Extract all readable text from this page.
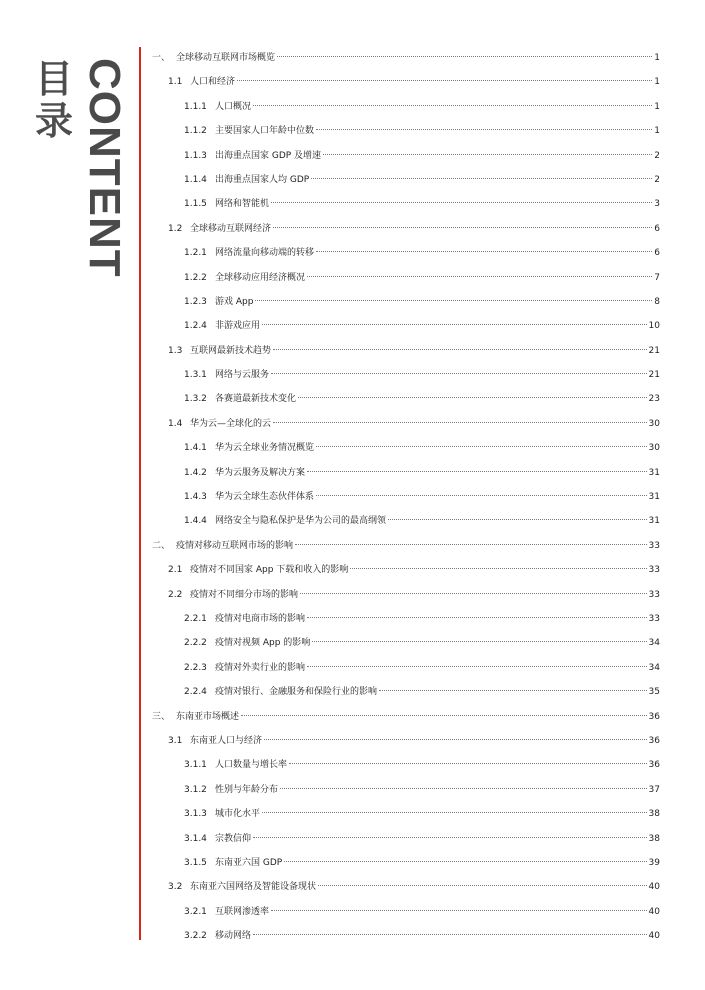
目
录 CONTENT	一、 全球移动互联网市场概览	1
1.1 人口和经济	1
1.1.1 人口概况	1
1.1.2 主要国家人口年龄中位数	1
1.1.3 出海重点国家 GDP 及增速	2
1.1.4 出海重点国家人均 GDP	2
1.1.5 网络和智能机	3
1.2 全球移动互联网经济	6
1.2.1 网络流量向移动端的转移	6
1.2.2 全球移动应用经济概况	7
1.2.3 游戏 App	8
1.2.4 非游戏应用	10
1.3 互联网最新技术趋势	21
1.3.1 网络与云服务	21
1.3.2 各赛道最新技术变化	23
1.4 华为云—全球化的云	30
1.4.1 华为云全球业务情况概览	30
1.4.2 华为云服务及解决方案	31
1.4.3 华为云全球生态伙伴体系	31
1.4.4 网络安全与隐私保护是华为公司的最高纲领	31
二、 疫情对移动互联网市场的影响	33
2.1 疫情对不同国家 App 下载和收入的影响	33
2.2 疫情对不同细分市场的影响	33
2.2.1 疫情对电商市场的影响	33
2.2.2 疫情对视频 App 的影响	34
2.2.3 疫情对外卖行业的影响	34
2.2.4 疫情对银行、金融服务和保险行业的影响	35
三、 东南亚市场概述	36
3.1 东南亚人口与经济	36
3.1.1 人口数量与增长率	36
3.1.2 性别与年龄分布	37
3.1.3 城市化水平	38
3.1.4 宗教信仰	38
3.1.5 东南亚六国 GDP	39
3.2 东南亚六国网络及智能设备现状	40
3.2.1 互联网渗透率	40
3.2.2 移动网络	40
